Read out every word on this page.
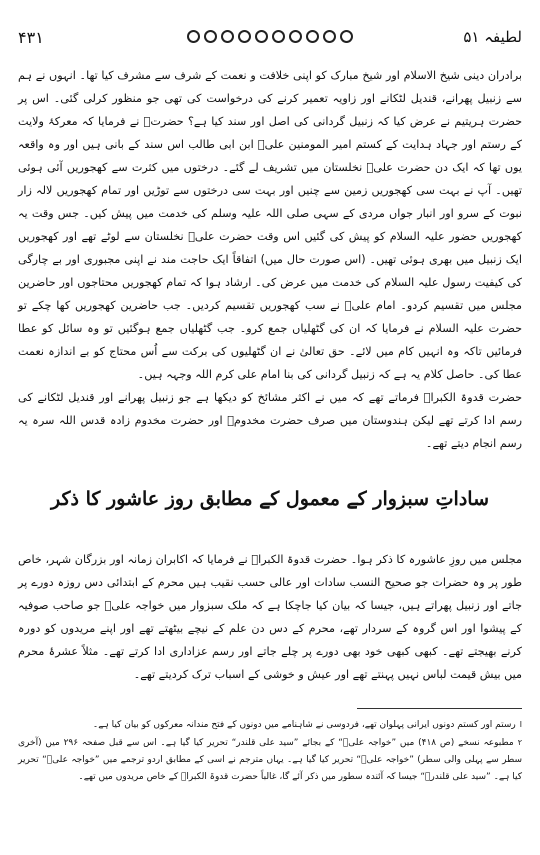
۴۳۱	لطیفہ ۵۱

برادران دینی شیخ الاسلام اور شیخ مبارک کو اپنی خلافت و نعمت کے شرف سے مشرف کیا تھا۔ انہوں نے ہم سے زنبیل پھرانے، قندیل لٹکانے اور زاویہ تعمیر کرنے کی درخواست کی تھی جو منظور کرلی گئی۔ اس پر حضرت ہریتیم نے عرض کیا کہ زنبیل گردانی کی اصل اور سند کیا ہے؟ حضرتؒ نے فرمایا کہ معرکۂ ولایت کے رستم اور جہاد ہدایت کے کستم امیر المومنین علیؑ ابن ابی طالب اس سند کے بانی ہیں اور وہ واقعہ یوں تھا کہ ایک دن حضرت علیؑ نخلستان میں تشریف لے گئے۔ درختوں میں کثرت سے کھجوریں آئی ہوئی تھیں۔ آپ نے بہت سی کھجوریں زمین سے چنیں اور بہت سی درختوں سے توڑیں اور تمام کھجوریں لالہ زار نبوت کے سرو اور انبار جواں مردی کے سہی صلی اللہ علیہ وسلم کی خدمت میں پیش کیں۔ جس وقت یہ کھجوریں حضور علیہ السلام کو پیش کی گئیں اس وقت حضرت علیؑ نخلستان سے لوٹے تھے اور کھجوریں ایک زنبیل میں بھری ہوئی تھیں۔ (اس صورت حال میں) اتفاقاً ایک حاجت مند نے اپنی مجبوری اور بے چارگی کی کیفیت رسول علیہ السلام کی خدمت میں عرض کی۔ ارشاد ہوا کہ تمام کھجوریں محتاجوں اور حاضرین مجلس میں تقسیم کردو۔ امام علیؑ نے سب کھجوریں تقسیم کردیں۔ جب حاضرین کھجوریں کھا چکے تو حضرت علیہ السلام نے فرمایا کہ ان کی گٹھلیاں جمع کرو۔ جب گٹھلیاں جمع ہوگئیں تو وہ سائل کو عطا فرمائیں تاکہ وہ انہیں کام میں لائے۔ حق تعالیٰ نے ان گٹھلیوں کی برکت سے اُس محتاج کو بے اندازہ نعمت عطا کی۔ حاصل کلام یہ ہے کہ زنبیل گردانی کی بنا امام علی کرم اللہ وجہہ ہیں۔

حضرت قدوۃ الکبراؒ فرماتے تھے کہ میں نے اکثر مشائخ کو دیکھا ہے جو زنبیل پھرانے اور قندیل لٹکانے کی رسم ادا کرتے تھے لیکن ہندوستان میں صرف حضرت مخدومؒ اور حضرت مخدوم زادہ قدس اللہ سرہ یہ رسم انجام دیتے تھے۔

ساداتِ سبزوار کے معمول کے مطابق روز عاشور کا ذکر

مجلس میں روزِ عاشورہ کا ذکر ہوا۔ حضرت قدوۃ الکبراؒ نے فرمایا کہ اکابران زمانہ اور بزرگان شہر، خاص طور پر وہ حضرات جو صحیح النسب سادات اور عالی حسب نقیب ہیں محرم کے ابتدائی دس روزہ دورے پر جاتے اور زنبیل پھراتے ہیں، جیسا کہ بیان کیا جاچکا ہے کہ ملک سبزوار میں خواجہ علیؒ جو صاحب صوفیہ کے پیشوا اور اس گروہ کے سردار تھے، محرم کے دس دن علم کے نیچے بیٹھتے تھے اور اپنے مریدوں کو دورہ کرنے بھیجتے تھے۔ کبھی کبھی خود بھی دورے پر چلے جاتے اور رسم عزاداری ادا کرتے تھے۔ مثلاً عشرۂ محرم میں بیش قیمت لباس نہیں پہنتے تھے اور عیش و خوشی کے اسباب ترک کردیتے تھے۔

ارستم اور کستم دونوں ایرانی پہلوان تھے، فردوسی نے شاہنامے میں دونوں کے فتح مندانہ معرکوں کو بیان کیا ہے۔

۲مطبوعہ نسخے (ص ۴۱۸) میں ”خواجہ علیؒ“ کے بجائے ”سید علی قلندر“ تحریر کیا گیا ہے۔ اس سے قبل صفحہ ۲۹۶ میں (آخری سطر سے پہلی والی سطر) ”خواجہ علیؒ“ تحریر کیا گیا ہے۔ یہاں مترجم نے اسی کے مطابق اردو ترجمے میں ”خواجہ علیؒ“ تحریر کیا ہے۔ ”سید علی قلندرؒ“ جیسا کہ آئندہ سطور میں ذکر آئے گا، غالباً حضرت قدوۃ الکبراؒ کے خاص مریدوں میں تھے۔
